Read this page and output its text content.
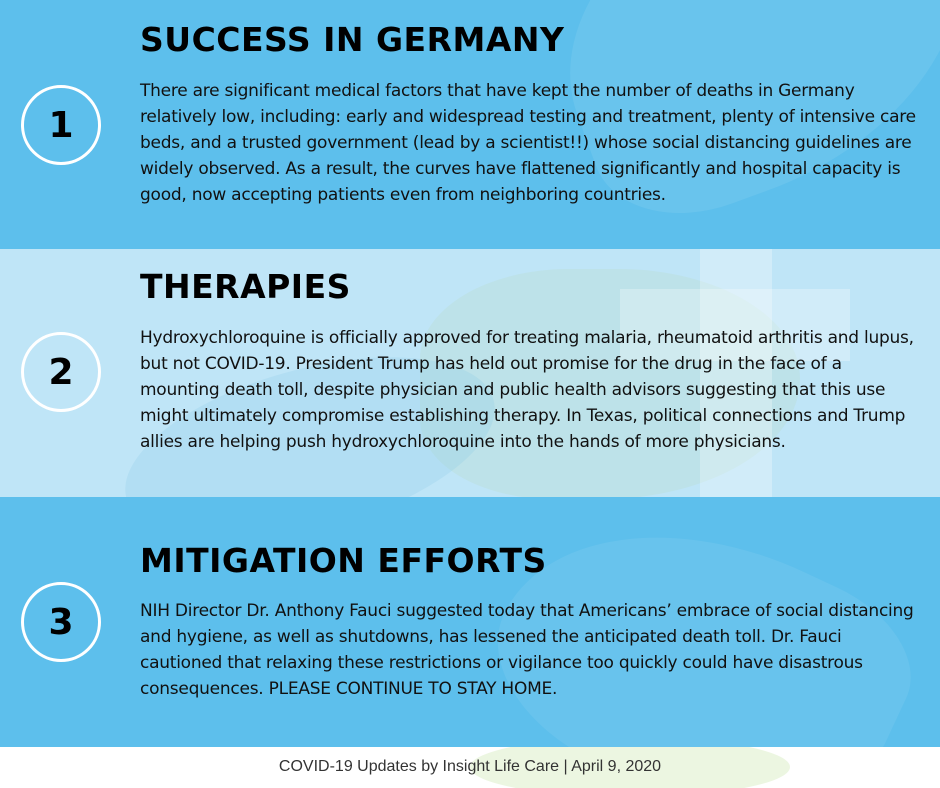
1
SUCCESS IN GERMANY

There are significant medical factors that have kept the number of deaths in Germany relatively low, including: early and widespread testing and treatment, plenty of intensive care beds, and a trusted government (lead by a scientist!!) whose social distancing guidelines are widely observed. As a result, the curves have flattened significantly and hospital capacity is good, now accepting patients even from neighboring countries.

2
THERAPIES

Hydroxychloroquine is officially approved for treating malaria, rheumatoid arthritis and lupus, but not COVID-19. President Trump has held out promise for the drug in the face of a mounting death toll, despite physician and public health advisors suggesting that this use might ultimately compromise establishing therapy. In Texas, political connections and Trump allies are helping push hydroxychloroquine into the hands of more physicians.

3
MITIGATION EFFORTS

NIH Director Dr. Anthony Fauci suggested today that Americans’ embrace of social distancing and hygiene, as well as shutdowns, has lessened the anticipated death toll. Dr. Fauci cautioned that relaxing these restrictions or vigilance too quickly could have disastrous consequences. PLEASE CONTINUE TO STAY HOME.

COVID-19 Updates by Insight Life Care | April 9, 2020
